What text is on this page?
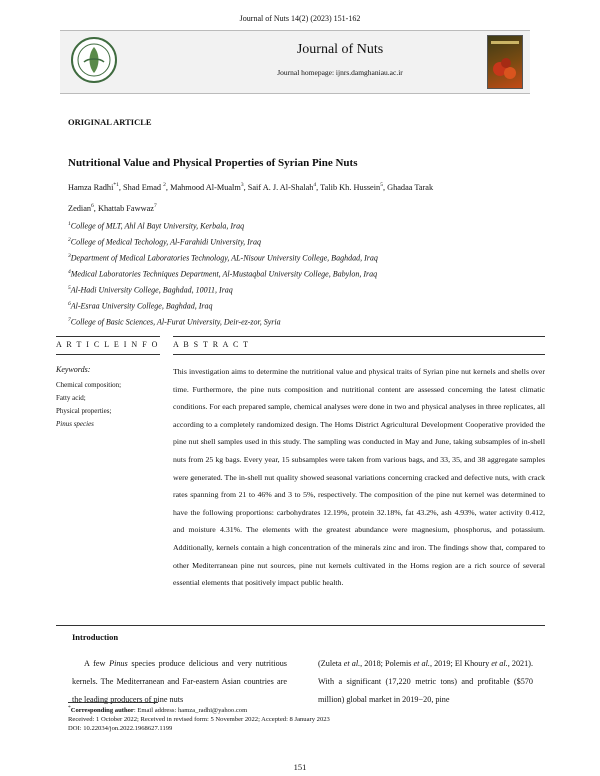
Journal of Nuts 14(2) (2023) 151-162
Journal of Nuts
Journal homepage: ijnrs.damghaniau.ac.ir
ORIGINAL ARTICLE
Nutritional Value and Physical Properties of Syrian Pine Nuts
Hamza Radhi$^{*1}$, Shad Emad $^2$, Mahmood Al-Mualm$^3$, Saif A. J. Al-Shalah$^4$, Talib Kh. Hussein$^5$, Ghadaa Tarak
Zedian$^6$, Khattab Fawwaz$^7$
$^1$College of MLT, Ahl Al Bayt University, Kerbala, Iraq
$^2$College of Medical Techology, Al-Farahidi University, Iraq
$^3$Department of Medical Laboratories Technology, AL-Nisour University College, Baghdad, Iraq
$^4$Medical Laboratories Techniques Department, Al-Mustaqbal University College, Babylon, Iraq
$^5$Al-Hadi University College, Baghdad, 10011, Iraq
$^6$Al-Esraa University College, Baghdad, Iraq
$^7$College of Basic Sciences, Al-Furat University, Deir-ez-zor, Syria
A R T I C L E I N F O A B S T R A C T
Keywords:
Chemical composition;
Fatty acid;
Physical properties;
Pinus species
This investigation aims to determine the nutritional value and physical traits of Syrian pine nut kernels and shells over time. Furthermore, the pine nuts composition and nutritional content are assessed concerning the latest climatic conditions. For each prepared sample, chemical analyses were done in two and physical analyses in three replicates, all according to a completely randomized design. The Homs District Agricultural Development Cooperative provided the pine nut shell samples used in this study. The sampling was conducted in May and June, taking subsamples of in-shell nuts from 25 kg bags. Every year, 15 subsamples were taken from various bags, and 33, 35, and 38 aggregate samples were generated. The in-shell nut quality showed seasonal variations concerning cracked and defective nuts, with crack rates spanning from 21 to 46% and 3 to 5%, respectively. The composition of the pine nut kernel was determined to have the following proportions: carbohydrates 12.19%, protein 32.18%, fat 43.2%, ash 4.93%, water activity 0.412, and moisture 4.31%. The elements with the greatest abundance were magnesium, phosphorus, and potassium. Additionally, kernels contain a high concentration of the minerals zinc and iron. The findings show that, compared to other Mediterranean pine nut sources, pine nut kernels cultivated in the Homs region are a rich source of several essential elements that positively impact public health.
Introduction
A few Pinus species produce delicious and very nutritious kernels. The Mediterranean and Far-eastern Asian countries are the leading producers of pine nuts
(Zuleta et al., 2018; Polemis et al., 2019; El Khoury et al., 2021). With a significant (17,220 metric tons) and profitable ($570 million) global market in 2019−20, pine
*Corresponding author: Email address: hamza_radhi@yahoo.com
Received: 1 October 2022; Received in revised form: 5 November 2022; Accepted: 8 January 2023
DOI: 10.22034/jon.2022.1968627.1199
151
